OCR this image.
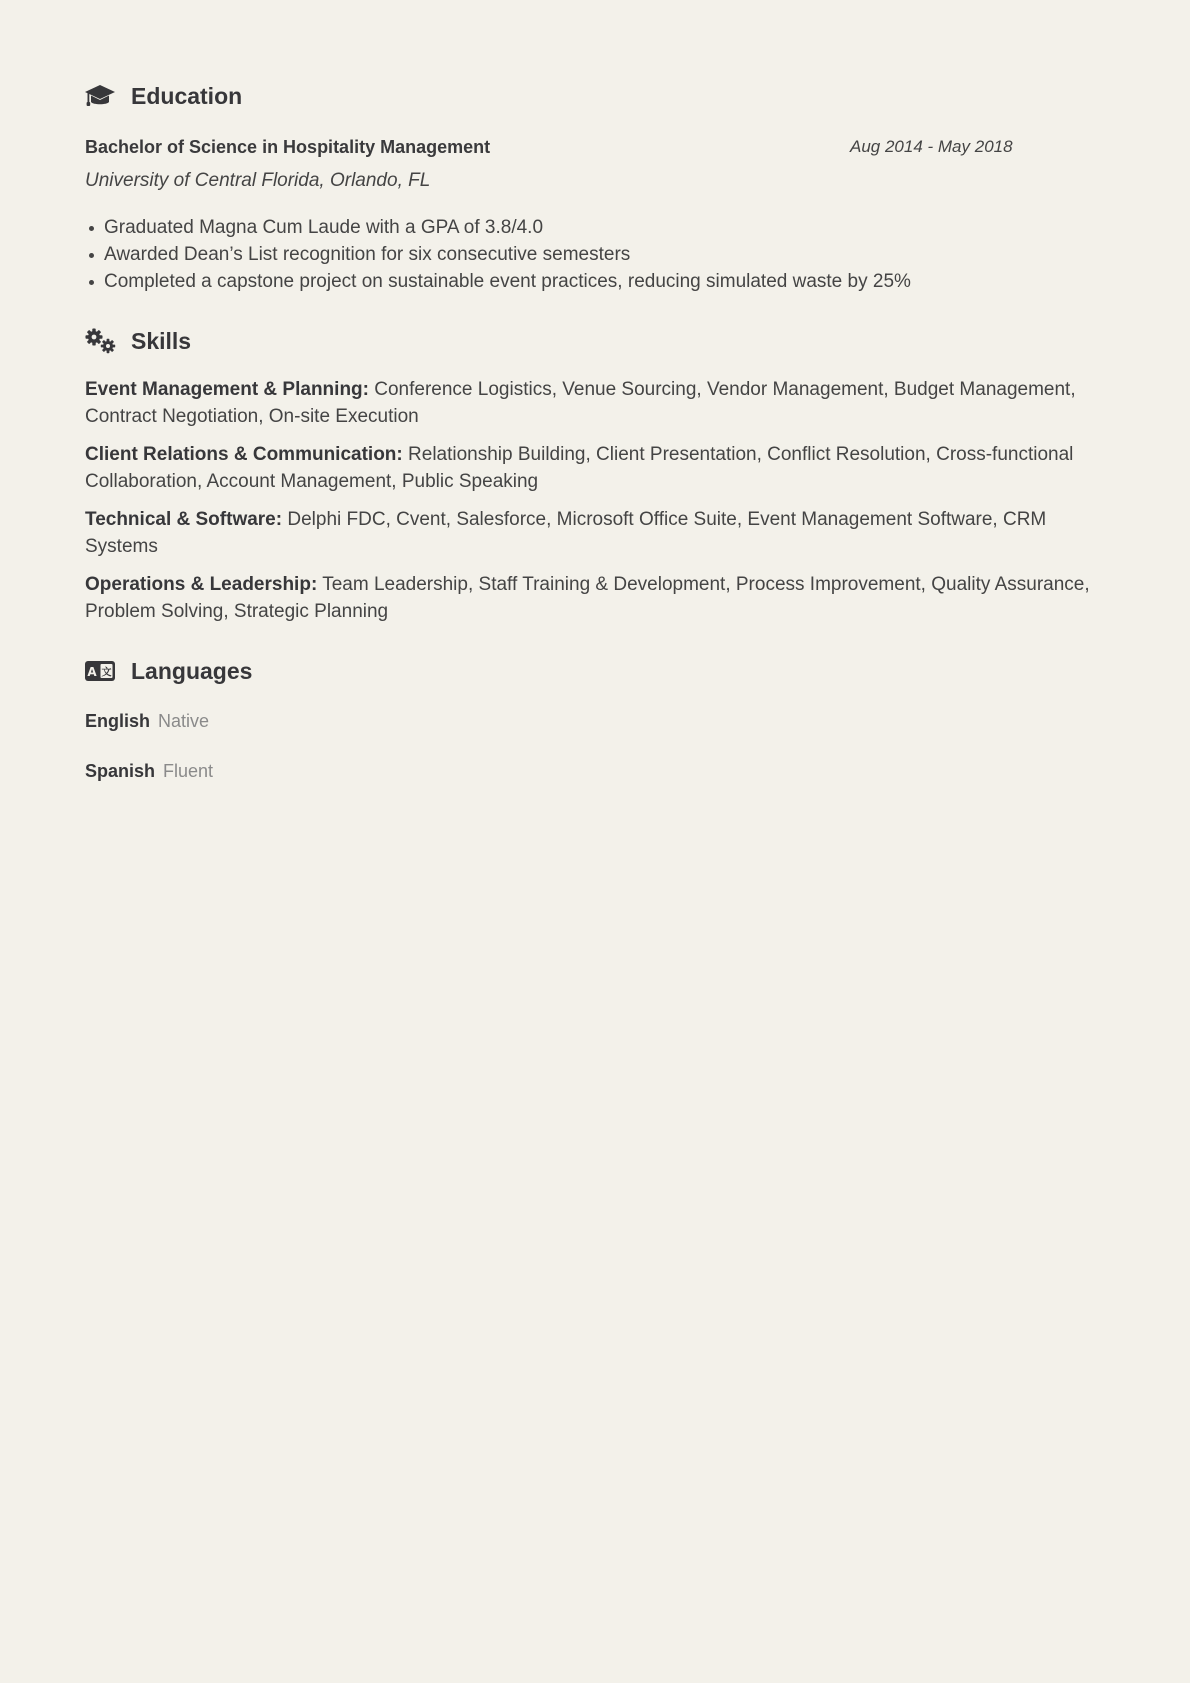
Education
Bachelor of Science in Hospitality Management	Aug 2014 - May 2018
University of Central Florida, Orlando, FL
Graduated Magna Cum Laude with a GPA of 3.8/4.0
Awarded Dean’s List recognition for six consecutive semesters
Completed a capstone project on sustainable event practices, reducing simulated waste by 25%
Skills
Event Management & Planning: Conference Logistics, Venue Sourcing, Vendor Management, Budget Management, Contract Negotiation, On-site Execution
Client Relations & Communication: Relationship Building, Client Presentation, Conflict Resolution, Cross-functional Collaboration, Account Management, Public Speaking
Technical & Software: Delphi FDC, Cvent, Salesforce, Microsoft Office Suite, Event Management Software, CRM Systems
Operations & Leadership: Team Leadership, Staff Training & Development, Process Improvement, Quality Assurance, Problem Solving, Strategic Planning
A 文 Languages
English Native
Spanish Fluent
